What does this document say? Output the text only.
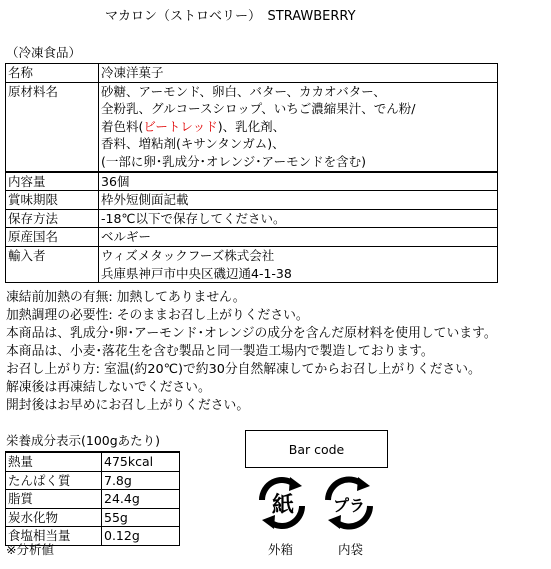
マカロン（ストロベリー）　STRAWBERRY
（冷凍食品）
名称	冷凍洋菓子
原材料名	砂糖、アーモンド、卵白、バター、カカオバター、
全粉乳、グルコースシロップ、いちご濃縮果汁、でん粉/
着色料(ビートレッド)、乳化剤、
香料、増粘剤(キサンタンガム)、
(一部に卵･乳成分･オレンジ･アーモンドを含む)

内容量	36個
賞味期限	枠外短側面記載
保存方法	-18℃以下で保存してください。
原産国名	ベルギー
輸入者	ウィズメタックフーズ株式会社
兵庫県神戸市中央区磯辺通4-1-38
凍結前加熱の有無: 加熱してありません。
加熱調理の必要性: そのままお召し上がりください。
本商品は、乳成分･卵･アーモンド･オレンジの成分を含んだ原材料を使用しています。
本商品は、小麦･落花生を含む製品と同一製造工場内で製造しております。
お召し上がり方: 室温(約20℃)で約30分自然解凍してからお召し上がりください。
解凍後は再凍結しないでください。
開封後はお早めにお召し上がりください。
栄養成分表示(100gあたり)
熱量	475kcal
たんぱく質	7.8g
脂質	24.4g
炭水化物	55g
食塩相当量	0.12g
※分析値
Bar code
紙 プラ
外箱	内袋
